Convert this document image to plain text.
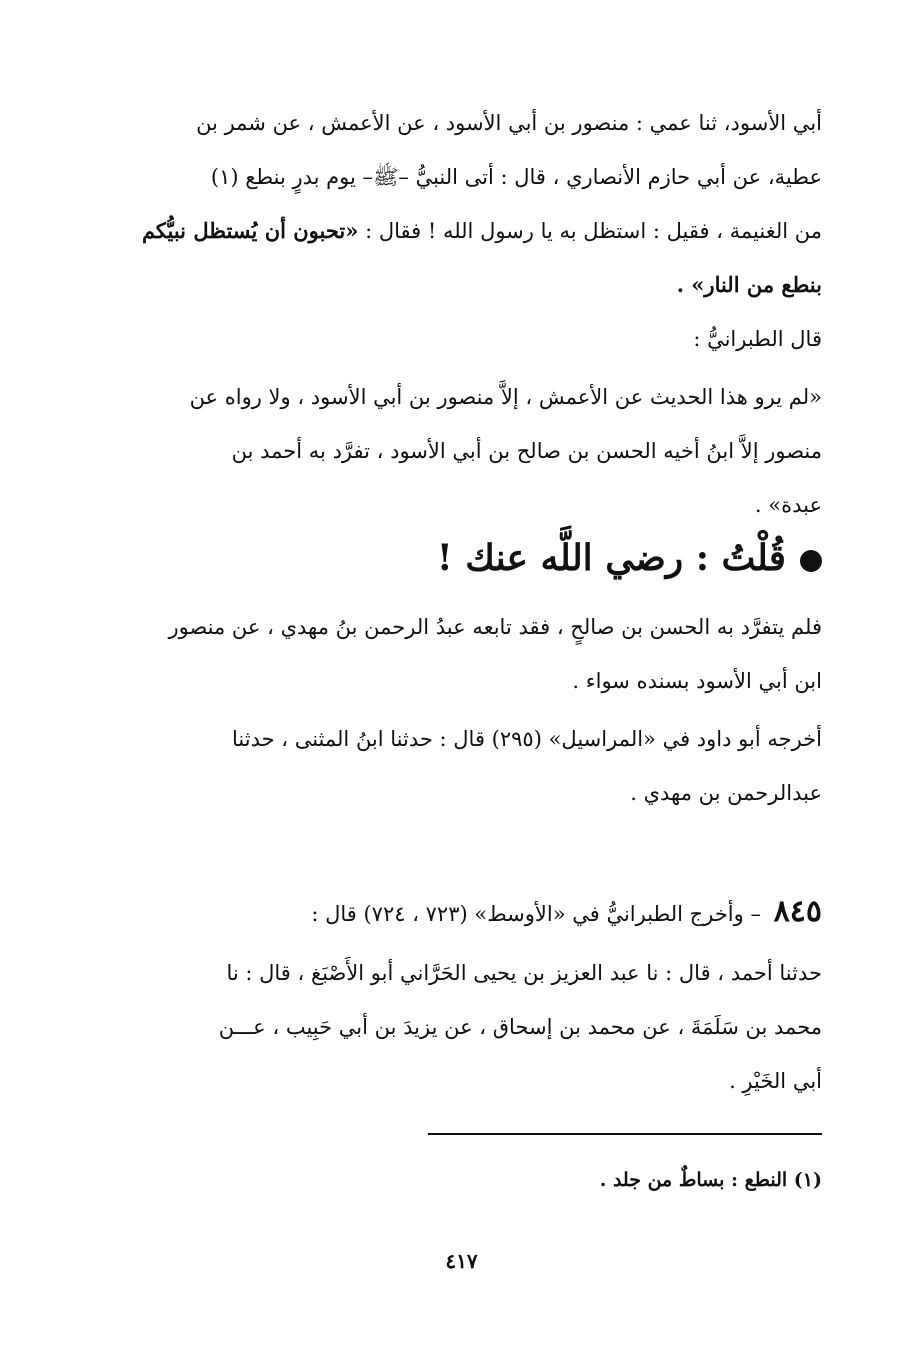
أبي الأسود، ثنا عمي : منصور بن أبي الأسود ، عن الأعمش ، عن شمر بن
عطية، عن أبي حازم الأنصاري ، قال : أتى النبيُّ –ﷺ– يوم بدرٍ بنطع (١)
من الغنيمة ، فقيل : استظل به يا رسول الله ! فقال : «تحبون أن يُستظل نبيُّكم
بنطع من النار» .
قال الطبرانيُّ :
«لم يرو هذا الحديث عن الأعمش ، إلاَّ منصور بن أبي الأسود ، ولا رواه عن
منصور إلاَّ ابنُ أخيه الحسن بن صالح بن أبي الأسود ، تفرَّد به أحمد بن
عبدة» .
قُلْتُ : رضي اللَّه عنك !
فلم يتفرَّد به الحسن بن صالحٍ ، فقد تابعه عبدُ الرحمن بنُ مهدي ، عن منصور
ابن أبي الأسود بسنده سواء .
أخرجه أبو داود في «المراسيل» (٢٩٥) قال : حدثنا ابنُ المثنى ، حدثنا
عبدالرحمن بن مهدي .
٨٤٥ – وأخرج الطبرانيُّ في «الأوسط» (٧٢٣ ، ٧٢٤) قال :
حدثنا أحمد ، قال : نا عبد العزيز بن يحيى الحَرَّاني أبو الأَصْبَغ ، قال : نا
محمد بن سَلَمَةَ ، عن محمد بن إسحاق ، عن يزيدَ بن أبي حَبِيب ، عـــن
أبي الخَيْرِ .
(١) النطع : بساطٌ من جلد .
٤١٧
